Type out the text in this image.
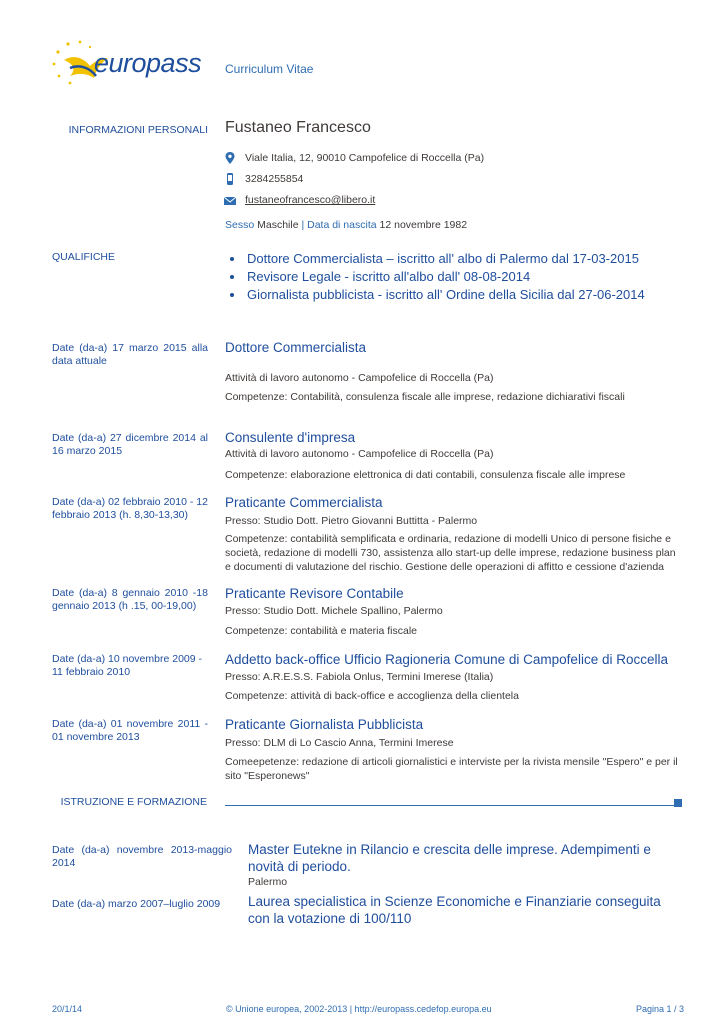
europass Curriculum Vitae
INFORMAZIONI PERSONALI Fustaneo Francesco
Viale Italia, 12, 90010 Campofelice di Roccella (Pa)
3284255854
fustaneofrancesco@libero.it
Sesso Maschile | Data di nascita 12 novembre 1982
QUALIFICHE
•	Dottore Commercialista – iscritto all' albo di Palermo dal 17-03-2015
• Revisore Legale - iscritto all'albo dall' 08-08-2014
• Giornalista pubblicista - iscritto all' Ordine della Sicilia dal 27-06-2014
Date (da-a) 17 marzo 2015 alla data attuale
Dottore Commercialista
Attività di lavoro autonomo - Campofelice di Roccella (Pa)
Competenze: Contabilità, consulenza fiscale alle imprese, redazione dichiarativi fiscali
Date (da-a) 27 dicembre 2014 al 16 marzo 2015
Consulente d'impresa
Attività di lavoro autonomo - Campofelice di Roccella (Pa)
Competenze: elaborazione elettronica di dati contabili, consulenza fiscale alle imprese
Date (da-a) 02 febbraio 2010 - 12 febbraio 2013 (h. 8,30-13,30)
Praticante Commercialista
Presso: Studio Dott. Pietro Giovanni Buttitta - Palermo
Competenze: contabilità semplificata e ordinaria, redazione di modelli Unico di persone fisiche e società, redazione di modelli 730, assistenza allo start-up delle imprese, redazione business plan e documenti di valutazione del rischio. Gestione delle operazioni di affitto e cessione d'azienda
Date (da-a) 8 gennaio 2010 -18 gennaio 2013 (h .15, 00-19,00)
Praticante Revisore Contabile
Presso: Studio Dott. Michele Spallino, Palermo
Competenze: contabilità e materia fiscale
Date (da-a) 10 novembre 2009 - 11 febbraio 2010
Addetto back-office Ufficio Ragioneria Comune di Campofelice di Roccella
Presso: A.R.E.S.S. Fabiola Onlus, Termini Imerese (Italia)
Competenze: attività di back-office e accoglienza della clientela
Date (da-a) 01 novembre 2011 - 01 novembre 2013
Praticante Giornalista Pubblicista
Presso: DLM di Lo Cascio Anna, Termini Imerese
Comeepetenze: redazione di articoli giornalistici e interviste per la rivista mensile "Espero" e per il sito "Esperonews"
ISTRUZIONE E FORMAZIONE
Date (da-a) novembre 2013-maggio 2014
Master Eutekne in Rilancio e crescita delle imprese. Adempimenti e novità di periodo.
Palermo
Date (da-a) marzo 2007–luglio 2009	Laurea specialistica in Scienze Economiche e Finanziarie conseguita con la votazione di 100/110
20/1/14	© Unione europea, 2002-2013 | http://europass.cedefop.europa.eu	Pagina 1 / 3
